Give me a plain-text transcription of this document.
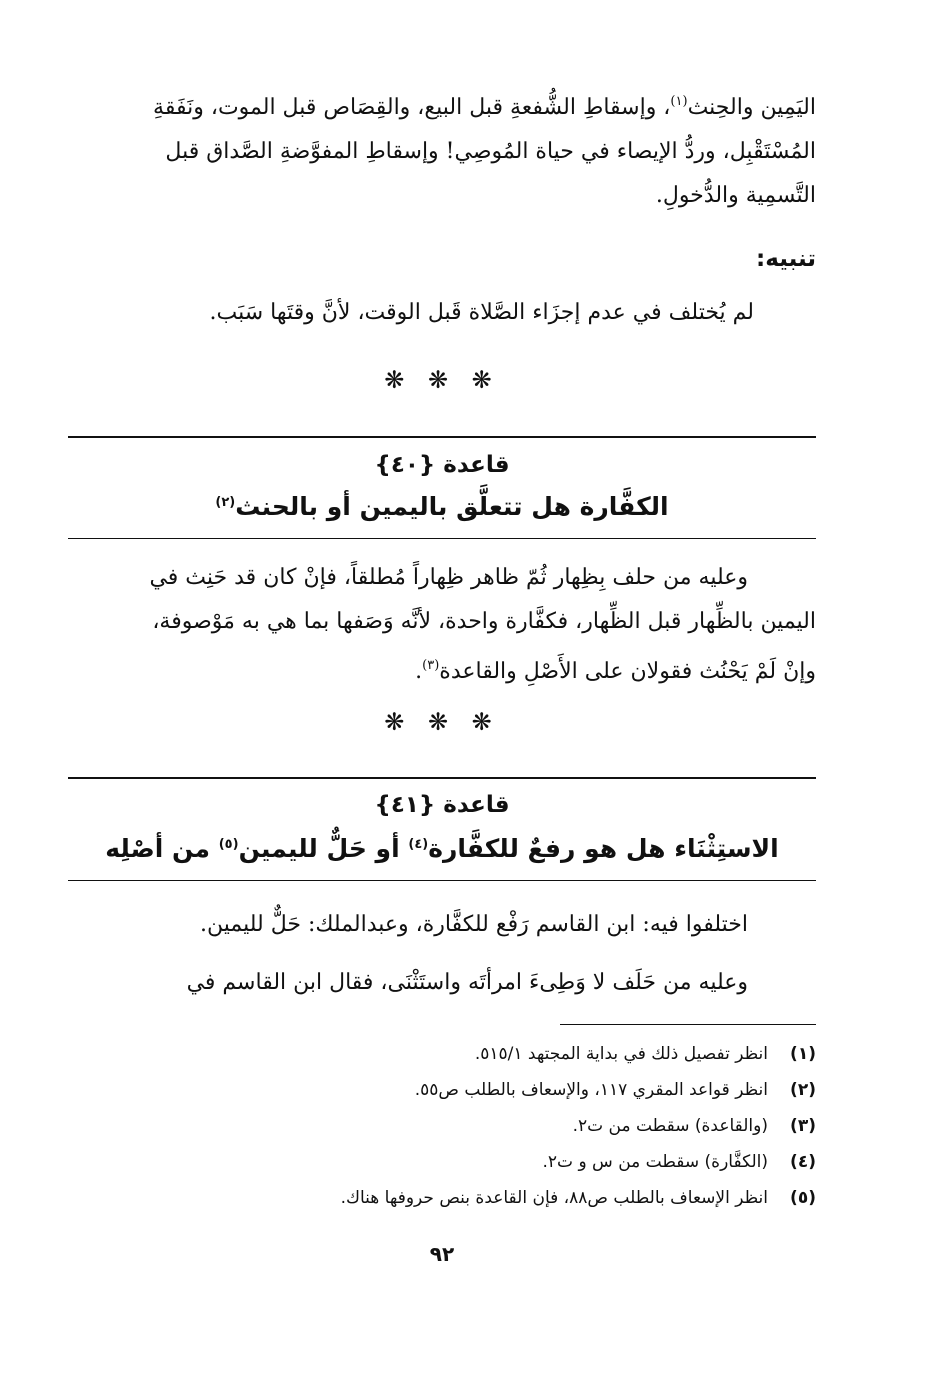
اليَمِين والحِنث$^{(١)}$، وإسقاطِ الشُّفعةِ قبل البيع، والقِصَاص قبل الموت، ونَفَقةِ

المُسْتَقْبِل، وردُّ الإيصاء في حياة المُوصِي! وإسقاطِ المفوَّضةِ الصَّداق قبل

التَّسمِية والدُّخولِ.

تنبيه:
لم يُختلف في عدم إجزَاء الصَّلاة قَبل الوقت، لأنَّ وقتَها سَبَب.
❋ ❋ ❋
قاعدة {٤٠}
الكفَّارة هل تتعلَّق باليمين أو بالحنث$^{(٢)}$

وعليه من حلف بِظِهار ثُمّ ظاهر ظِهاراً مُطلقاً، فإنْ كان قد حَنِث في

اليمين بالظِّهار قبل الظِّهار، فكفَّارة واحدة، لأنَّه وَصَفها بما هي به مَوْصوفة،

وإنْ لَمْ يَحْنُث فقولان على الأَصْلِ والقاعدة$^{(٣)}$.

❋ ❋ ❋
قاعدة {٤١}
الاستِثْنَاء هل هو رفعٌ للكفَّارة$^{(٤)}$ أو حَلٌّ لليمين$^{(٥)}$ من أصْلِه

اختلفوا فيه: ابن القاسم رَفْع للكفَّارة، وعبدالملك: حَلٌّ لليمين.

وعليه من حَلَف لا وَطِىءَ امرأتَه واستَثْنَى، فقال ابن القاسم في

(١)انظر تفصيل ذلك في بداية المجتهد ٥١٥/١.
(٢)انظر قواعد المقري ١١٧، والإسعاف بالطلب ص٥٥.
(٣)(والقاعدة) سقطت من ت٢.
(٤)(الكفَّارة) سقطت من س و ت٢.
(٥)انظر الإسعاف بالطلب ص٨٨، فإن القاعدة بنص حروفها هناك.
٩٢
